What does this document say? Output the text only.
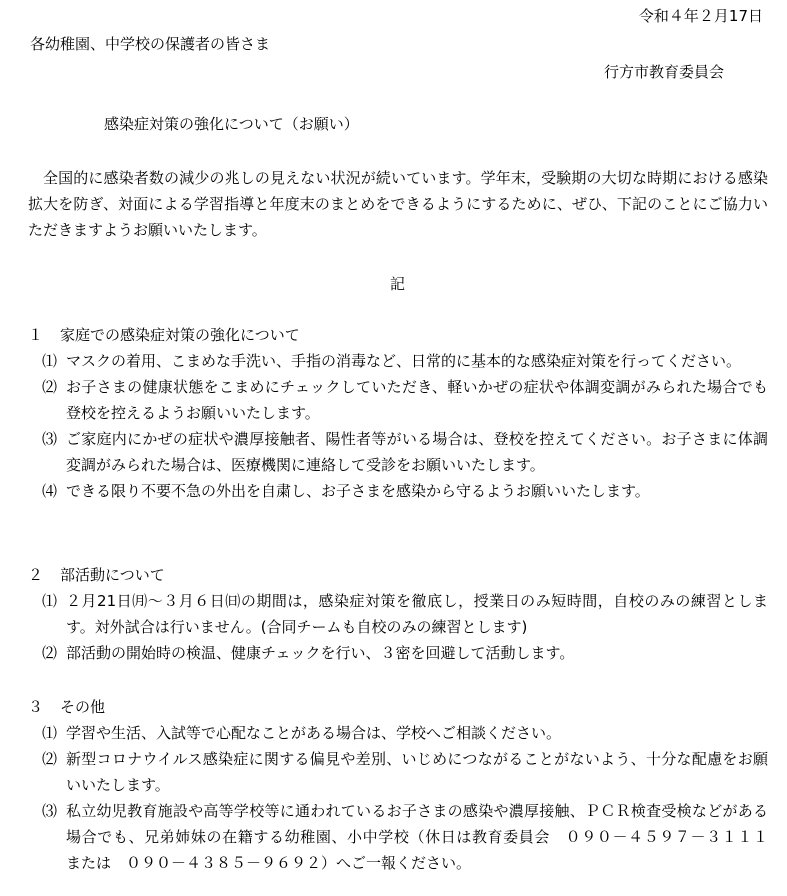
令和４年２月17日
各幼稚園、中学校の保護者の皆さま
行方市教育委員会
感染症対策の強化について（お願い）
全国的に感染者数の減少の兆しの見えない状況が続いています。学年末，受験期の大切な時期における感染拡大を防ぎ、対面による学習指導と年度末のまとめをできるようにするために、ぜひ、下記のことにご協力いただきますようお願いいたします。
記
１ 家庭での感染症対策の強化について
⑴ マスクの着用、こまめな手洗い、手指の消毒など、日常的に基本的な感染症対策を行ってください。
⑵ お子さまの健康状態をこまめにチェックしていただき、軽いかぜの症状や体調変調がみられた場合でも登校を控えるようお願いいたします。
⑶ ご家庭内にかぜの症状や濃厚接触者、陽性者等がいる場合は、登校を控えてください。お子さまに体調変調がみられた場合は、医療機関に連絡して受診をお願いいたします。
⑷ できる限り不要不急の外出を自粛し、お子さまを感染から守るようお願いいたします。
２ 部活動について
⑴ ２月21日㈪～３月６日㈰の期間は，感染症対策を徹底し，授業日のみ短時間，自校のみの練習とします。対外試合は行いません。(合同チームも自校のみの練習とします)
⑵ 部活動の開始時の検温、健康チェックを行い、３密を回避して活動します。
３ その他
⑴ 学習や生活、入試等で心配なことがある場合は、学校へご相談ください。
⑵ 新型コロナウイルス感染症に関する偏見や差別、いじめにつながることがないよう、十分な配慮をお願いいたします。
⑶ 私立幼児教育施設や高等学校等に通われているお子さまの感染や濃厚接触、ＰＣＲ検査受検などがある場合でも、兄弟姉妹の在籍する幼稚園、小中学校（休日は教育委員会　０９０－４５９７－３１１１　または　０９０－４３８５－９６９２）へご一報ください。
